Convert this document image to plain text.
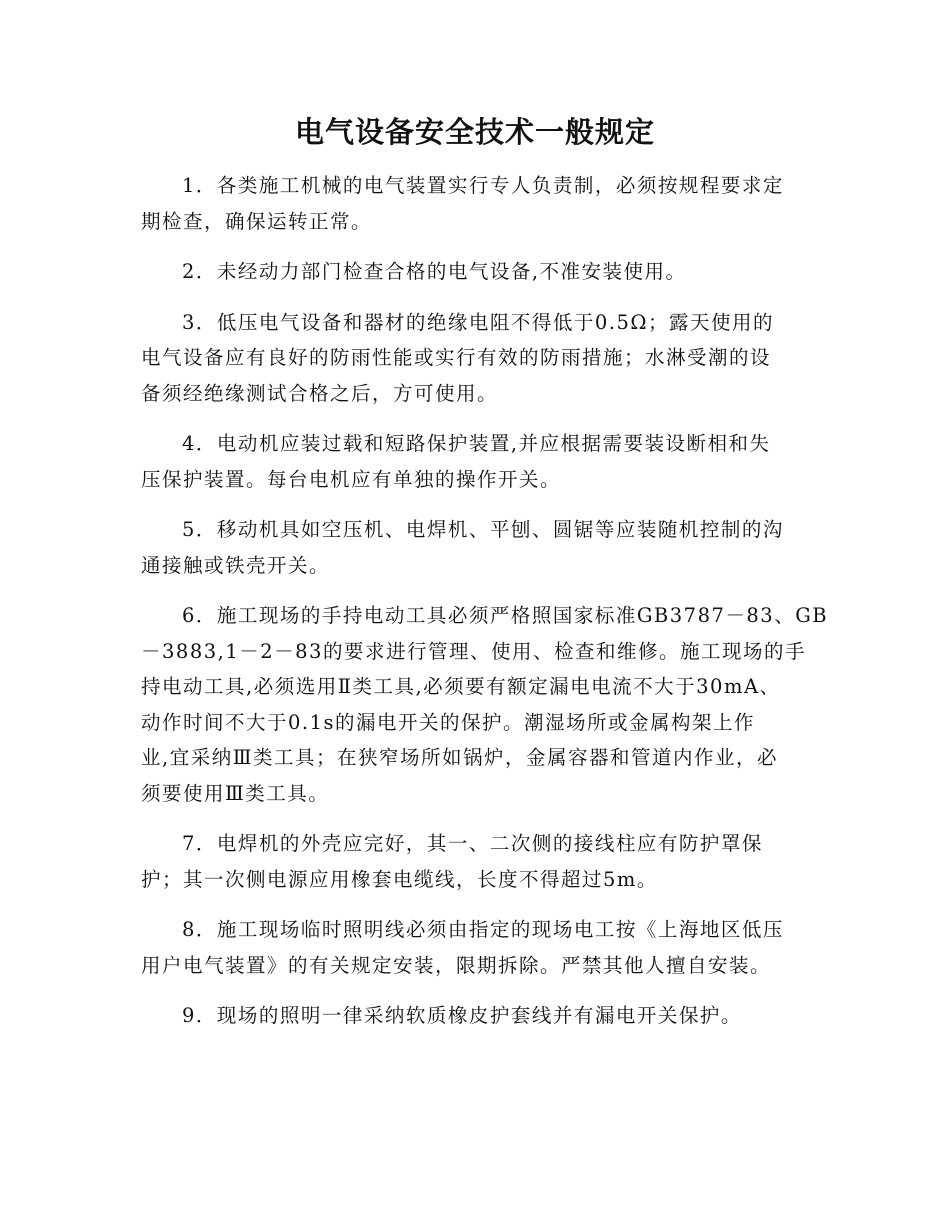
电气设备安全技术一般规定

1．各类施工机械的电气装置实行专人负责制，必须按规程要求定
期检查，确保运转正常。

2．未经动力部门检查合格的电气设备,不准安装使用。

3．低压电气设备和器材的绝缘电阻不得低于0.5Ω；露天使用的
电气设备应有良好的防雨性能或实行有效的防雨措施；水淋受潮的设
备须经绝缘测试合格之后，方可使用。

4．电动机应装过载和短路保护装置,并应根据需要装设断相和失
压保护装置。每台电机应有单独的操作开关。

5．移动机具如空压机、电焊机、平刨、圆锯等应装随机控制的沟
通接触或铁壳开关。

6．施工现场的手持电动工具必须严格照国家标准GB3787－83、GB
－3883,1－2－83的要求进行管理、使用、检查和维修。施工现场的手
持电动工具,必须选用Ⅱ类工具,必须要有额定漏电电流不大于30mA、
动作时间不大于0.1s的漏电开关的保护。潮湿场所或金属构架上作
业,宜采纳Ⅲ类工具；在狭窄场所如锅炉，金属容器和管道内作业，必
须要使用Ⅲ类工具。

7．电焊机的外壳应完好，其一、二次侧的接线柱应有防护罩保
护；其一次侧电源应用橡套电缆线，长度不得超过5m。

8．施工现场临时照明线必须由指定的现场电工按《上海地区低压
用户电气装置》的有关规定安装，限期拆除。严禁其他人擅自安装。

9．现场的照明一律采纳软质橡皮护套线并有漏电开关保护。
